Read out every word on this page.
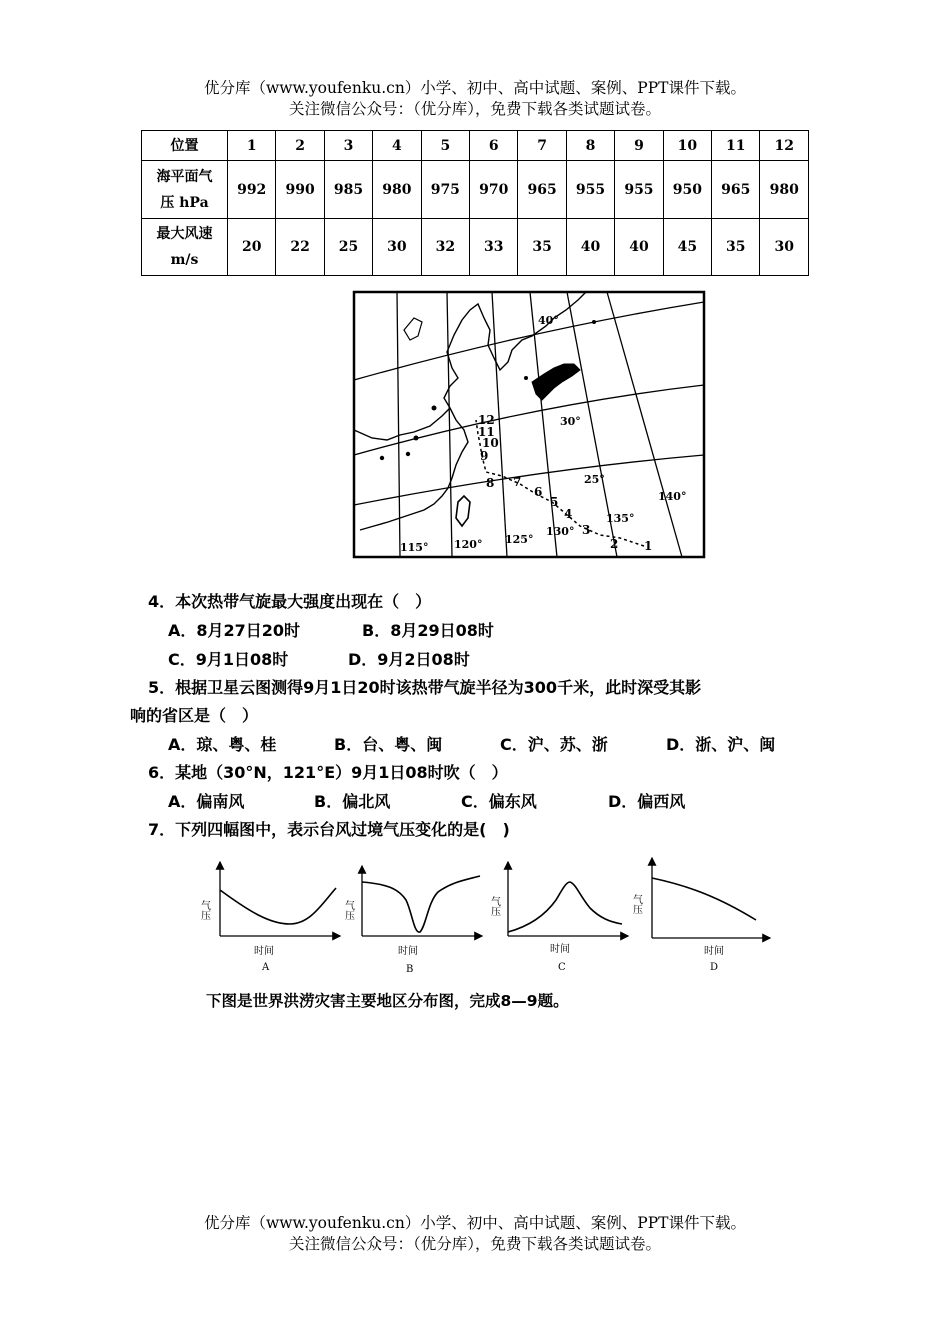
优分库（www.youfenku.cn）小学、初中、高中试题、案例、PPT课件下载。
关注微信公众号：（优分库），免费下载各类试题试卷。
位置	1	2	3	4	5	6	7	8	9	10	11	12
海平面气
压 hPa	992	990	985	980	975	970	965	955	955	950	965	980
最大风速
m/s	20	22	25	30	32	33	35	40	40	45	35	30
40°
30°
25°
115° 120° 125°
130°
135°
140°
1
2
3
4
5
6
7
8
9
10
11
12
4．本次热带气旋最大强度出现在（　）
A．8月27日20时	B．8月29日08时
C．9月1日08时	D．9月2日08时
5．根据卫星云图测得9月1日20时该热带气旋半径为300千米，此时深受其影
响的省区是（　）
A．琼、粤、桂	B．台、粤、闽	C．沪、苏、浙	D．浙、沪、闽
6．某地（30°N，121°E）9月1日08时吹（　）
A．偏南风	B．偏北风	C．偏东风	D．偏西风
7．下列四幅图中，表示台风过境气压变化的是(　)
气压
时间
A
气压
时间
B
气压
时间
C
气压
时间
D
下图是世界洪涝灾害主要地区分布图，完成8—9题。
优分库（www.youfenku.cn）小学、初中、高中试题、案例、PPT课件下载。
关注微信公众号：（优分库），免费下载各类试题试卷。
